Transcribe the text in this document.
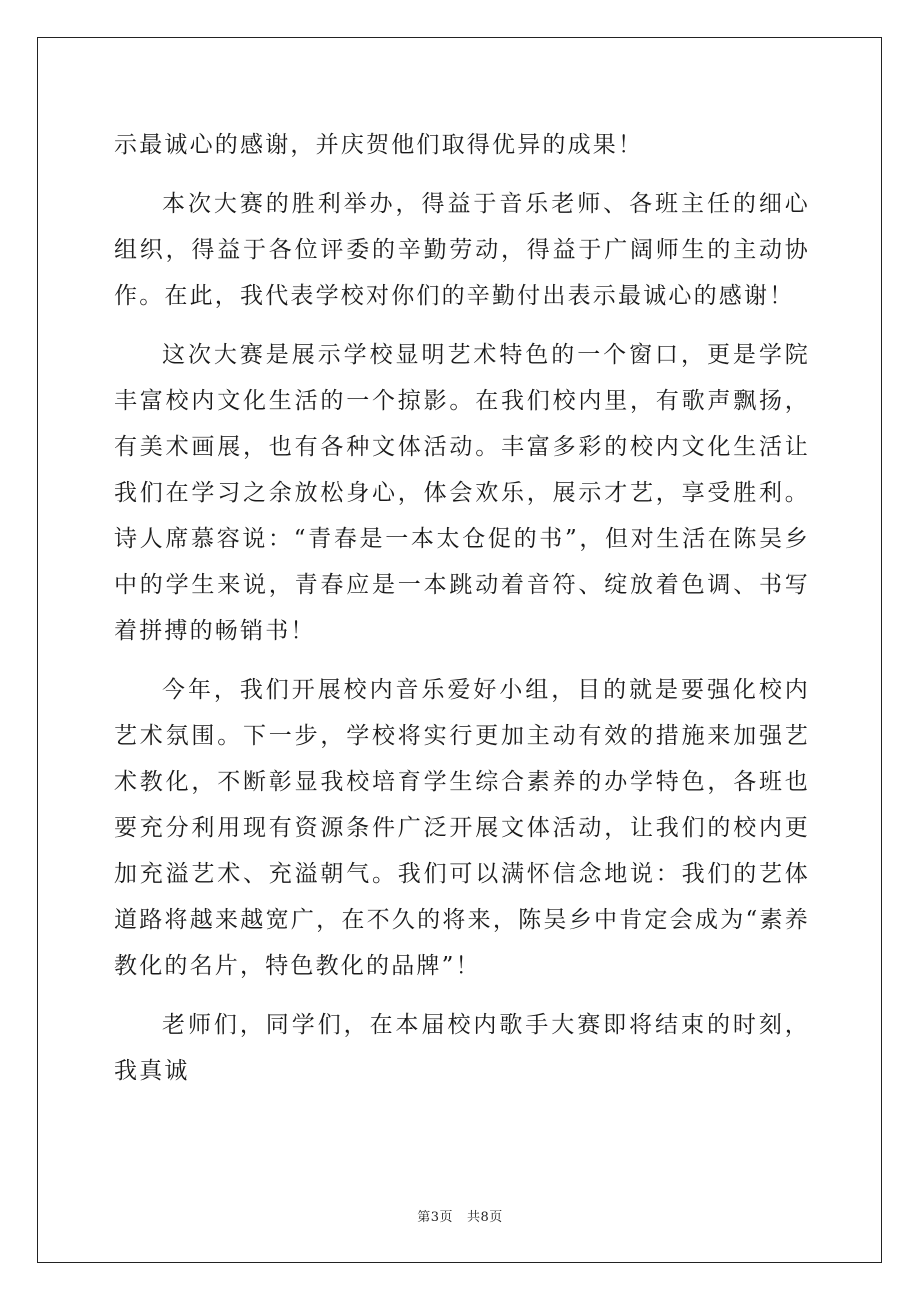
示最诚心的感谢，并庆贺他们取得优异的成果！

本次大赛的胜利举办，得益于音乐老师、各班主任的细心组织，得益于各位评委的辛勤劳动，得益于广阔师生的主动协作。在此，我代表学校对你们的辛勤付出表示最诚心的感谢！

这次大赛是展示学校显明艺术特色的一个窗口，更是学院丰富校内文化生活的一个掠影。在我们校内里，有歌声飘扬，有美术画展，也有各种文体活动。丰富多彩的校内文化生活让我们在学习之余放松身心，体会欢乐，展示才艺，享受胜利。诗人席慕容说：“青春是一本太仓促的书”，但对生活在陈吴乡中的学生来说，青春应是一本跳动着音符、绽放着色调、书写着拼搏的畅销书！

今年，我们开展校内音乐爱好小组，目的就是要强化校内艺术氛围。下一步，学校将实行更加主动有效的措施来加强艺术教化，不断彰显我校培育学生综合素养的办学特色，各班也要充分利用现有资源条件广泛开展文体活动，让我们的校内更加充溢艺术、充溢朝气。我们可以满怀信念地说：我们的艺体道路将越来越宽广，在不久的将来，陈吴乡中肯定会成为“素养教化的名片，特色教化的品牌”！

老师们，同学们，在本届校内歌手大赛即将结束的时刻，我真诚

第3页 共8页
